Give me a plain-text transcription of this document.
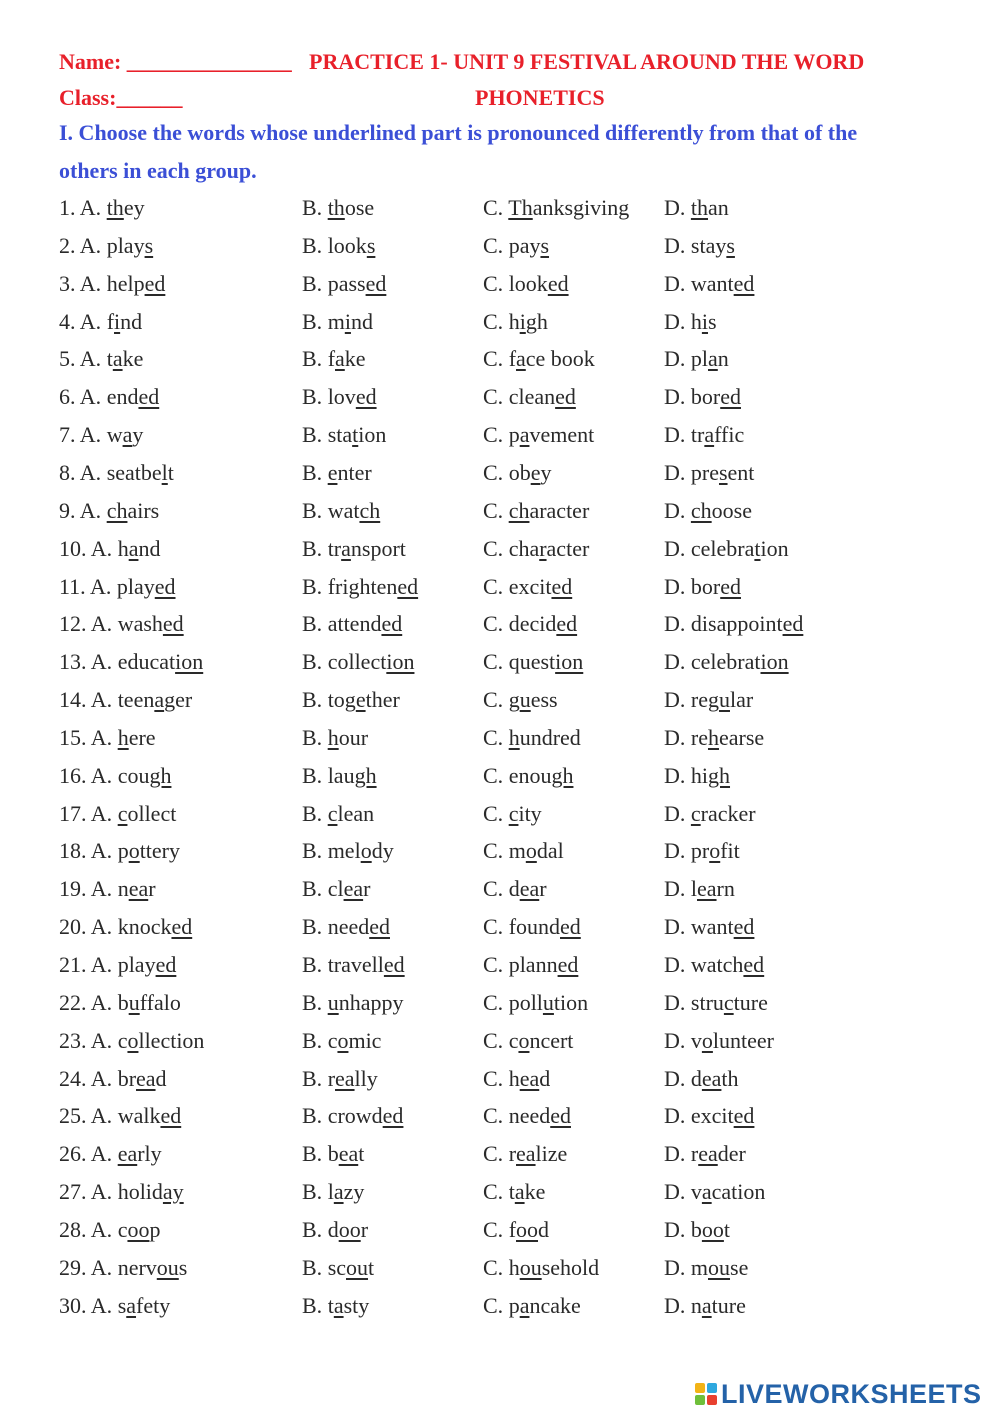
Name: _______________ PRACTICE 1- UNIT 9 FESTIVAL AROUND THE WORD
Class:______	PHONETICS
I. Choose the words whose underlined part is pronounced differently from that of the
others in each group.
1. A. they	B. those	C. Thanksgiving D. than
2. A. plays	B. looks	C. pays	D. stays
3. A. helped	B. passed	C. looked	D. wanted
4. A. find	B. mind	C. high	D. his
5. A. take	B. fake	C. face book	D. plan
6. A. ended	B. loved	C. cleaned	D. bored
7. A. way	B. station	C. pavement	D. traffic
8. A. seatbelt	B. enter	C. obey	D. present
9. A. chairs	B. watch	C. character	D. choose
10. A. hand	B. transport	C. character	D. celebration
11. A. played	B. frightened	C. excited	D. bored
12. A. washed	B. attended	C. decided	D. disappointed
13. A. education	B. collection	C. question	D. celebration
14. A. teenager	B. together	C. guess	D. regular
15. A. here	B. hour	C. hundred	D. rehearse
16. A. cough	B. laugh	C. enough	D. high
17. A. collect	B. clean	C. city	D. cracker
18. A. pottery	B. melody	C. modal	D. profit
19. A. near	B. clear	C. dear	D. learn
20. A. knocked	B. needed	C. founded	D. wanted
21. A. played	B. travelled	C. planned	D. watched
22. A. buffalo	B. unhappy	C. pollution	D. structure
23. A. collection	B. comic	C. concert	D. volunteer
24. A. bread	B. really	C. head	D. death
25. A. walked	B. crowded	C. needed	D. excited
26. A. early	B. beat	C. realize	D. reader
27. A. holiday	B. lazy	C. take	D. vacation
28. A. coop	B. door	C. food	D. boot
29. A. nervous	B. scout	C. household	D. mouse
30. A. safety	B. tasty	C. pancake	D. nature
LIVEWORKSHEETS
